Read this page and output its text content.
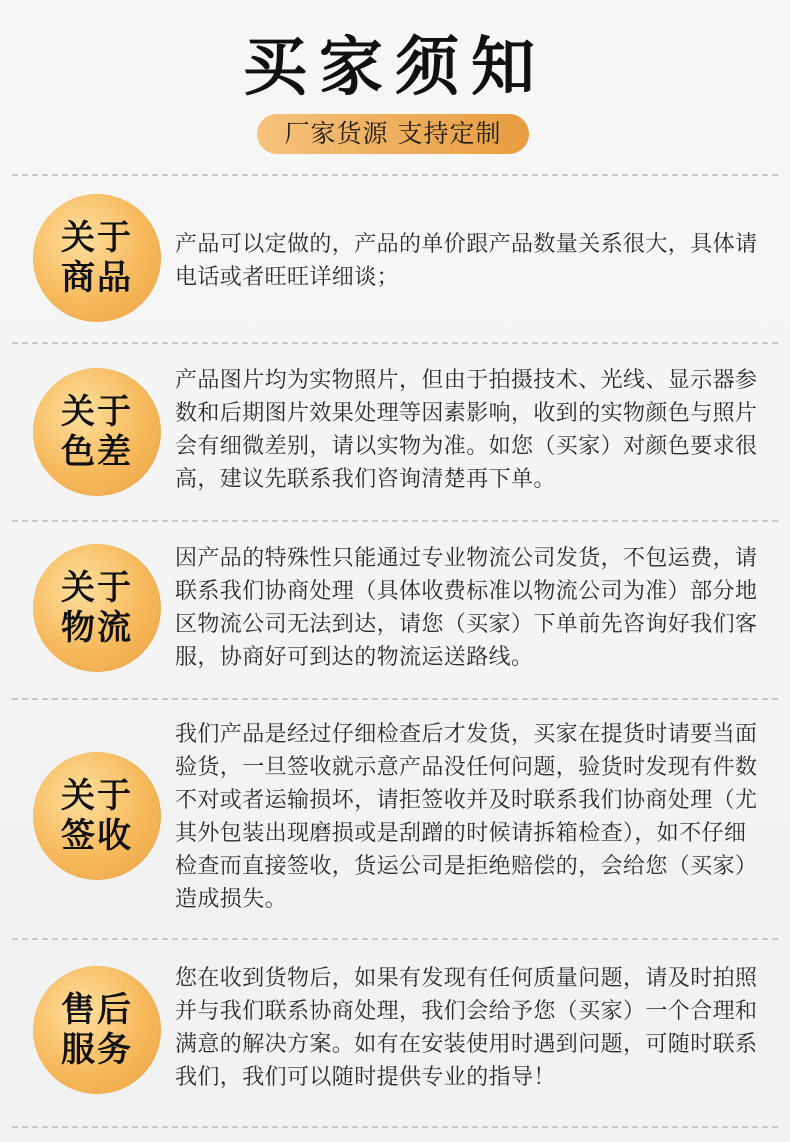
买家须知
厂家货源 支持定制
关于
商品
产品可以定做的，产品的单价跟产品数量关系很大，具体请电话或者旺旺详细谈；
关于
色差
产品图片均为实物照片，但由于拍摄技术、光线、显示器参数和后期图片效果处理等因素影响，收到的实物颜色与照片会有细微差别，请以实物为准。如您（买家）对颜色要求很高，建议先联系我们咨询清楚再下单。
关于
物流
因产品的特殊性只能通过专业物流公司发货，不包运费，请联系我们协商处理（具体收费标准以物流公司为准）部分地区物流公司无法到达，请您（买家）下单前先咨询好我们客服，协商好可到达的物流运送路线。
关于
签收
我们产品是经过仔细检查后才发货，买家在提货时请要当面验货，一旦签收就示意产品没任何问题，验货时发现有件数不对或者运输损坏，请拒签收并及时联系我们协商处理（尤其外包装出现磨损或是刮蹭的时候请拆箱检查），如不仔细检查而直接签收，货运公司是拒绝赔偿的，会给您（买家）造成损失。
售后
服务
您在收到货物后，如果有发现有任何质量问题，请及时拍照并与我们联系协商处理，我们会给予您（买家）一个合理和满意的解决方案。如有在安装使用时遇到问题，可随时联系我们，我们可以随时提供专业的指导！
